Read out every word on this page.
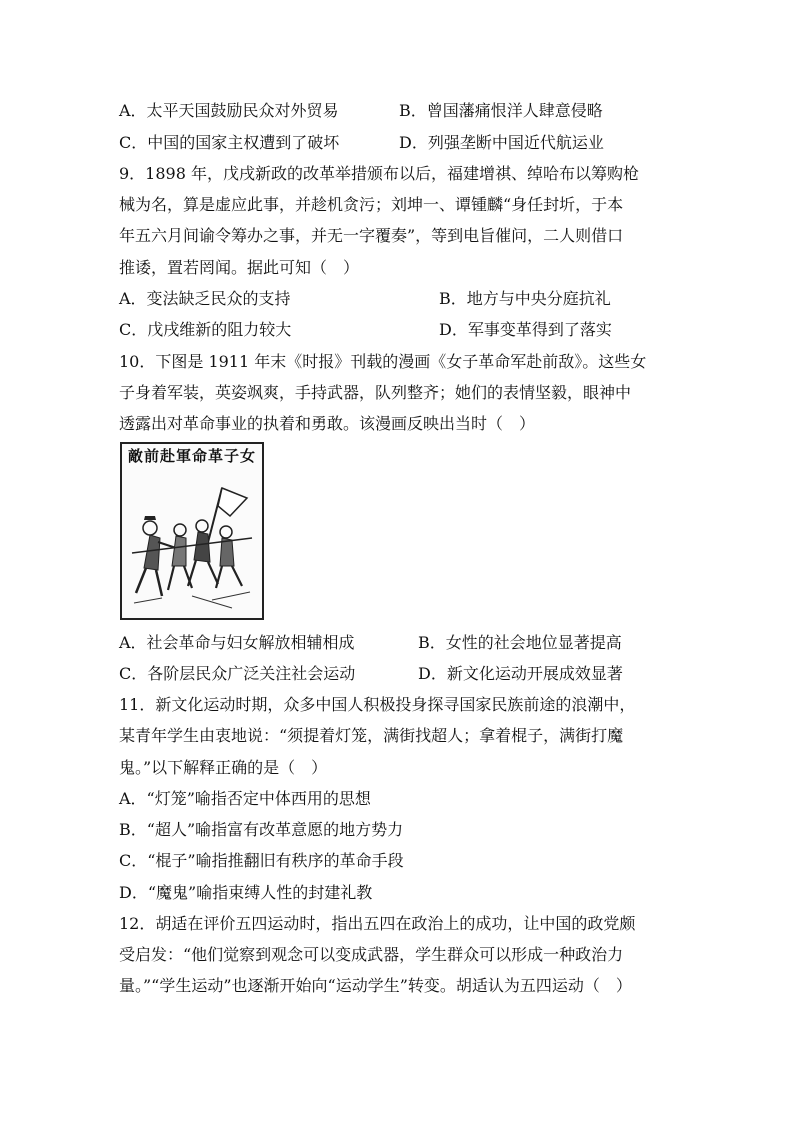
A．太平天国鼓励民众对外贸易	B．曾国藩痛恨洋人肆意侵略
C．中国的国家主权遭到了破坏	D．列强垄断中国近代航运业
9．1898 年，戊戌新政的改革举措颁布以后，福建增祺、绰哈布以筹购枪
械为名，算是虚应此事，并趁机贪污；刘坤一、谭锺麟“身任封圻，于本
年五六月间谕令筹办之事，并无一字覆奏”，等到电旨催问，二人则借口
推诿，置若罔闻。据此可知（　）
A．变法缺乏民众的支持	B．地方与中央分庭抗礼
C．戊戌维新的阻力较大	D．军事变革得到了落实
10．下图是 1911 年末《时报》刊载的漫画《女子革命军赴前敌》。这些女
子身着军装，英姿飒爽，手持武器，队列整齐；她们的表情坚毅，眼神中
透露出对革命事业的执着和勇敢。该漫画反映出当时（　）
敵前赴軍命革子女
A．社会革命与妇女解放相辅相成	B．女性的社会地位显著提高
C．各阶层民众广泛关注社会运动	D．新文化运动开展成效显著
11．新文化运动时期，众多中国人积极投身探寻国家民族前途的浪潮中，
某青年学生由衷地说：“须提着灯笼，满街找超人；拿着棍子，满街打魔
鬼。”以下解释正确的是（　）
A．“灯笼”喻指否定中体西用的思想
B．“超人”喻指富有改革意愿的地方势力
C．“棍子”喻指推翻旧有秩序的革命手段
D．“魔鬼”喻指束缚人性的封建礼教
12．胡适在评价五四运动时，指出五四在政治上的成功，让中国的政党颇
受启发：“他们觉察到观念可以变成武器，学生群众可以形成一种政治力
量。”“学生运动”也逐渐开始向“运动学生”转变。胡适认为五四运动（　）
